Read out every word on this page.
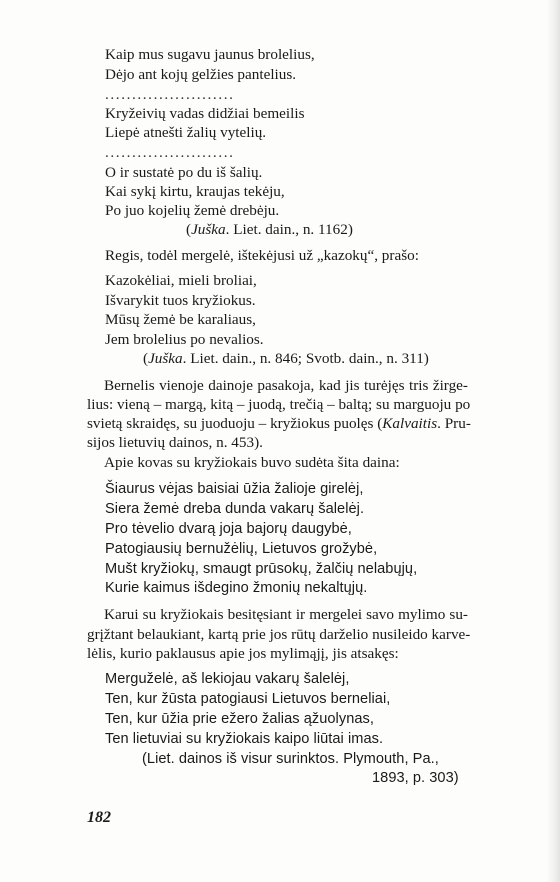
Kaip mus sugavu jaunus brolelius,
Dėjo ant kojų gelžies pantelius.
........................
Kryžeivių vadas didžiai bemeilis
Liepė atnešti žalių vytelių.
........................
O ir sustatė po du iš šalių.
Kai sykį kirtu, kraujas tekėju,
Po juo kojelių žemė drebėju.
(Juška. Liet. dain., n. 1162)
Regis, todėl mergelė, ištekėjusi už „kazokų“, prašo:
Kazokėliai, mieli broliai,
Išvarykit tuos kryžiokus.
Mūsų žemė be karaliaus,
Jem brolelius po nevalios.
(Juška. Liet. dain., n. 846; Svotb. dain., n. 311)
Bernelis vienoje dainoje pasakoja, kad jis turėjęs tris žirge-
lius: vieną – margą, kitą – juodą, trečią – baltą; su marguoju po
svietą skraidęs, su juoduoju – kryžiokus puolęs (Kalvaitis. Pru-
sijos lietuvių dainos, n. 453).
Apie kovas su kryžiokais buvo sudėta šita daina:
Šiaurus vėjas baisiai ūžia žalioje girelėj,
Siera žemė dreba dunda vakarų šalelėj.
Pro tėvelio dvarą joja bajorų daugybė,
Patogiausių bernužėlių, Lietuvos grožybė,
Mušt kryžiokų, smaugt prūsokų, žalčių nelabųjų,
Kurie kaimus išdegino žmonių nekaltųjų.
Karui su kryžiokais besitęsiant ir mergelei savo mylimo su-
grįžtant belaukiant, kartą prie jos rūtų darželio nusileido karve-
lėlis, kurio paklausus apie jos mylimąjį, jis atsakęs:
Merguželė, aš lekiojau vakarų šalelėj,
Ten, kur žūsta patogiausi Lietuvos berneliai,
Ten, kur ūžia prie ežero žalias ąžuolynas,
Ten lietuviai su kryžiokais kaipo liūtai imas.
(Liet. dainos iš visur surinktos. Plymouth, Pa.,
1893, p. 303)
182
